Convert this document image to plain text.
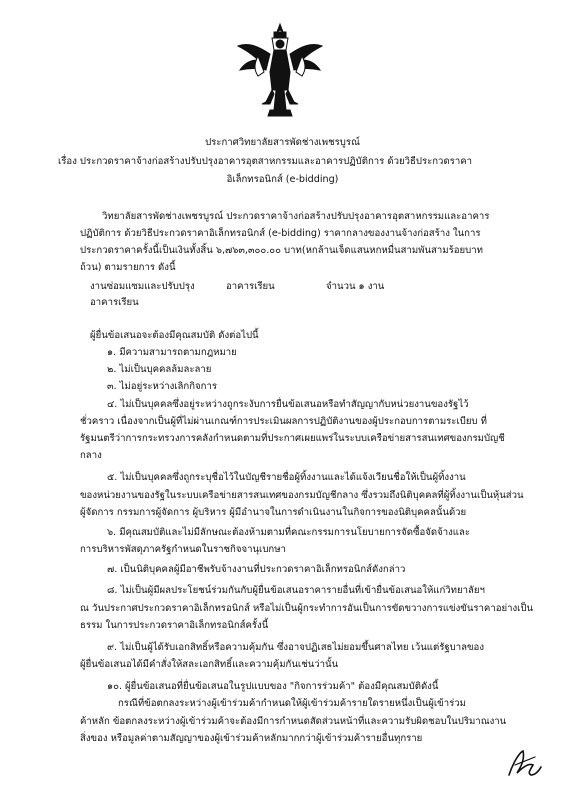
ประกาศวิทยาลัยสารพัดช่างเพชรบูรณ์
เรื่อง ประกวดราคาจ้างก่อสร้างปรับปรุงอาคารอุตสาหกรรมและอาคารปฏิบัติการ ด้วยวิธีประกวดราคา
อิเล็กทรอนิกส์ (e-bidding)
วิทยาลัยสารพัดช่างเพชรบูรณ์ ประกวดราคาจ้างก่อสร้างปรับปรุงอาคารอุตสาหกรรมและอาคาร
ปฏิบัติการ ด้วยวิธีประกวดราคาอิเล็กทรอนิกส์ (e-bidding) ราคากลางของงานจ้างก่อสร้าง ในการ
ประกวดราคาครั้งนี้เป็นเงินทั้งสิ้น ๖,๗๖๓,๓๐๐.๐๐ บาท(หกล้านเจ็ดแสนหกหมื่นสามพันสามร้อยบาท
ถ้วน) ตามรายการ ดังนี้
งานซ่อมแซมและปรับปรุง	อาคารเรียน	จำนวน ๑ งาน
อาคารเรียน
ผู้ยื่นข้อเสนอจะต้องมีคุณสมบัติ ดังต่อไปนี้
๑. มีความสามารถตามกฎหมาย
๒. ไม่เป็นบุคคลล้มละลาย
๓. ไม่อยู่ระหว่างเลิกกิจการ
๔. ไม่เป็นบุคคลซึ่งอยู่ระหว่างถูกระงับการยื่นข้อเสนอหรือทำสัญญากับหน่วยงานของรัฐไว้
ชั่วคราว เนื่องจากเป็นผู้ที่ไม่ผ่านเกณฑ์การประเมินผลการปฏิบัติงานของผู้ประกอบการตามระเบียบ ที่
รัฐมนตรีว่าการกระทรวงการคลังกำหนดตามที่ประกาศเผยแพร่ในระบบเครือข่ายสารสนเทศของกรมบัญชี
กลาง
๕. ไม่เป็นบุคคลซึ่งถูกระบุชื่อไว้ในบัญชีรายชื่อผู้ทิ้งงานและได้แจ้งเวียนชื่อให้เป็นผู้ทิ้งงาน
ของหน่วยงานของรัฐในระบบเครือข่ายสารสนเทศของกรมบัญชีกลาง ซึ่งรวมถึงนิติบุคคลที่ผู้ทิ้งงานเป็นหุ้นส่วน
ผู้จัดการ กรรมการผู้จัดการ ผู้บริหาร ผู้มีอำนาจในการดำเนินงานในกิจการของนิติบุคคลนั้นด้วย
๖. มีคุณสมบัติและไม่มีลักษณะต้องห้ามตามที่คณะกรรมการนโยบายการจัดซื้อจัดจ้างและ
การบริหารพัสดุภาครัฐกำหนดในราชกิจจานุเบกษา
๗. เป็นนิติบุคคลผู้มีอาชีพรับจ้างงานที่ประกวดราคาอิเล็กทรอนิกส์ดังกล่าว
๘. ไม่เป็นผู้มีผลประโยชน์ร่วมกันกับผู้ยื่นข้อเสนอราคารายอื่นที่เข้ายื่นข้อเสนอให้แก่วิทยาลัยฯ
ณ วันประกาศประกวดราคาอิเล็กทรอนิกส์ หรือไม่เป็นผู้กระทำการอันเป็นการขัดขวางการแข่งขันราคาอย่างเป็น
ธรรม ในการประกวดราคาอิเล็กทรอนิกส์ครั้งนี้
๙. ไม่เป็นผู้ได้รับเอกสิทธิ์หรือความคุ้มกัน ซึ่งอาจปฏิเสธไม่ยอมขึ้นศาลไทย เว้นแต่รัฐบาลของ
ผู้ยื่นข้อเสนอได้มีคำสั่งให้สละเอกสิทธิ์และความคุ้มกันเช่นว่านั้น
๑๐. ผู้ยื่นข้อเสนอที่ยื่นข้อเสนอในรูปแบบของ "กิจการร่วมค้า" ต้องมีคุณสมบัติดังนี้
กรณีที่ข้อตกลงระหว่างผู้เข้าร่วมค้ากำหนดให้ผู้เข้าร่วมค้ารายใดรายหนึ่งเป็นผู้เข้าร่วม
ค้าหลัก ข้อตกลงระหว่างผู้เข้าร่วมค้าจะต้องมีการกำหนดสัดส่วนหน้าที่และความรับผิดชอบในปริมาณงาน
สิ่งของ หรือมูลค่าตามสัญญาของผู้เข้าร่วมค้าหลักมากกว่าผู้เข้าร่วมค้ารายอื่นทุกราย
